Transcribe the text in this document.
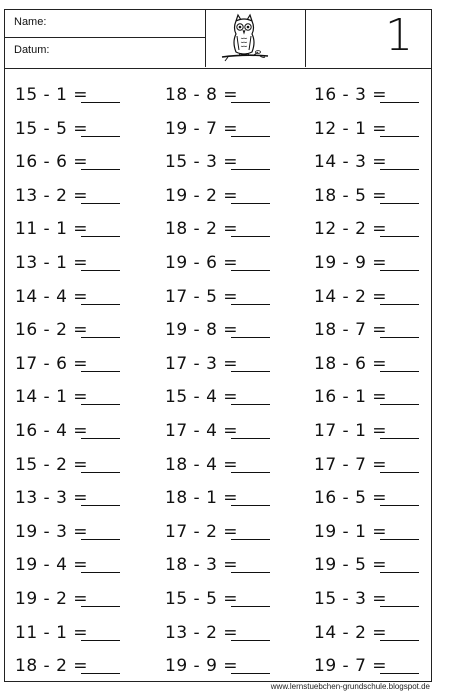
Name:
Datum:	1
15 - 1 =	18 - 8 =	16 - 3 =
15 - 5 =	19 - 7 =	12 - 1 =
16 - 6 =	15 - 3 =	14 - 3 =
13 - 2 =	19 - 2 =	18 - 5 =
11 - 1 =	18 - 2 =	12 - 2 =
13 - 1 =	19 - 6 =	19 - 9 =
14 - 4 =	17 - 5 =	14 - 2 =
16 - 2 =	19 - 8 =	18 - 7 =
17 - 6 =	17 - 3 =	18 - 6 =
14 - 1 =	15 - 4 =	16 - 1 =
16 - 4 =	17 - 4 =	17 - 1 =
15 - 2 =	18 - 4 =	17 - 7 =
13 - 3 =	18 - 1 =	16 - 5 =
19 - 3 =	17 - 2 =	19 - 1 =
19 - 4 =	18 - 3 =	19 - 5 =
19 - 2 =	15 - 5 =	15 - 3 =
11 - 1 =	13 - 2 =	14 - 2 =
18 - 2 =	19 - 9 =	19 - 7 =
www.lernstuebchen-grundschule.blogspot.de
